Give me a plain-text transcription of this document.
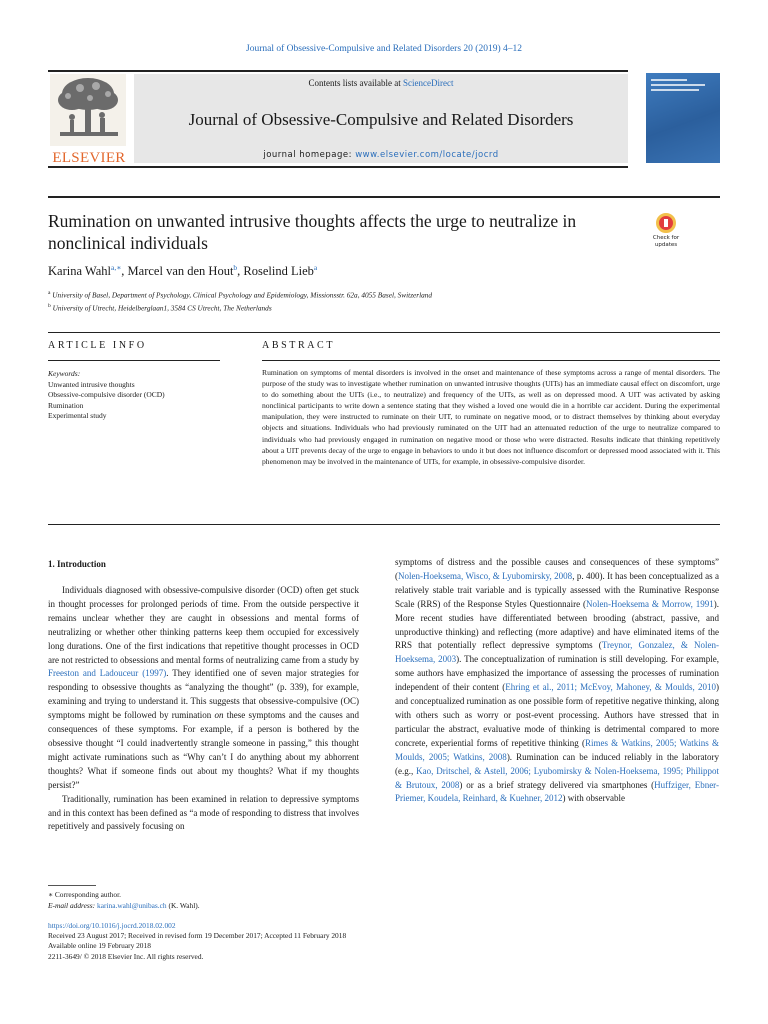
Journal of Obsessive-Compulsive and Related Disorders 20 (2019) 4–12
ELSEVIER
Contents lists available at ScienceDirect
Journal of Obsessive-Compulsive and Related Disorders
journal homepage: www.elsevier.com/locate/jocrd
Rumination on unwanted intrusive thoughts affects the urge to neutralize in nonclinical individuals	Check for updates
Karina Wahl$^{a,∗}$, Marcel van den Hout$^b$, Roselind Lieb$^a$
$^a$ University of Basel, Department of Psychology, Clinical Psychology and Epidemiology, Missionsstr. 62a, 4055 Basel, Switzerland
$^b$ University of Utrecht, Heidelberglaan1, 3584 CS Utrecht, The Netherlands
ARTICLE INFO	ABSTRACT
Keywords:
Unwanted intrusive thoughts
Obsessive-compulsive disorder (OCD)
Rumination
Experimental study
Rumination on symptoms of mental disorders is involved in the onset and maintenance of these symptoms across a range of mental disorders. The purpose of the study was to investigate whether rumination on unwanted intrusive thoughts (UITs) has an immediate causal effect on discomfort, urge to do something about the UITs (i.e., to neutralize) and frequency of the UITs, as well as on depressed mood. A UIT was activated by asking nonclinical participants to write down a sentence stating that they wished a loved one would die in a horrible car accident. During the experimental manipulation, they were instructed to ruminate on their UIT, to ruminate on negative mood, or to distract themselves by thinking about everyday objects and situations. Individuals who had previously ruminated on the UIT had an attenuated reduction of the urge to neutralize compared to individuals who had previously engaged in rumination on negative mood or those who were distracted. Results indicate that thinking repetitively about a UIT prevents decay of the urge to engage in behaviors to undo it but does not influence discomfort or depressed mood associated with it. This phenomenon may be involved in the maintenance of UITs, for example, in obsessive-compulsive disorder.
1. Introduction

Individuals diagnosed with obsessive-compulsive disorder (OCD) often get stuck in thought processes for prolonged periods of time. From the outside perspective it remains unclear whether they are caught in obsessions and mental forms of neutralizing or whether other thinking patterns keep them occupied for excessively long durations. One of the first indications that repetitive thought processes in OCD are not restricted to obsessions and mental forms of neutralizing came from a study by Freeston and Ladouceur (1997). They identified one of seven major strategies for responding to obsessive thoughts as “analyzing the thought” (p. 339), for example, examining and trying to understand it. This suggests that obsessive-compulsive (OC) symptoms might be followed by rumination on these symptoms and the causes and consequences of these symptoms. For example, if a person is bothered by the obsessive thought “I could inadvertently strangle someone in passing,” this thought might activate ruminations such as “Why can’t I do anything about my abhorrent thoughts? What if someone finds out about my thoughts? What if my thoughts persist?”

Traditionally, rumination has been examined in relation to depressive symptoms and in this context has been defined as “a mode of responding to distress that involves repetitively and passively focusing on

symptoms of distress and the possible causes and consequences of these symptoms” (Nolen-Hoeksema, Wisco, & Lyubomirsky, 2008, p. 400). It has been conceptualized as a relatively stable trait variable and is typically assessed with the Ruminative Response Scale (RRS) of the Response Styles Questionnaire (Nolen-Hoeksema & Morrow, 1991). More recent studies have differentiated between brooding (abstract, passive, and unproductive thinking) and reflecting (more adaptive) and have eliminated items of the RRS that potentially reflect depressive symptoms (Treynor, Gonzalez, & Nolen-Hoeksema, 2003). The conceptualization of rumination is still developing. For example, some authors have emphasized the importance of assessing the processes of rumination independent of their content (Ehring et al., 2011; McEvoy, Mahoney, & Moulds, 2010) and conceptualized rumination as one possible form of repetitive negative thinking, along with others such as worry or post-event processing. Authors have stressed that in particular the abstract, evaluative mode of thinking is detrimental compared to more concrete, experiential forms of repetitive thinking (Rimes & Watkins, 2005; Watkins & Moulds, 2005; Watkins, 2008). Rumination can be induced reliably in the laboratory (e.g., Kao, Dritschel, & Astell, 2006; Lyubomirsky & Nolen-Hoeksema, 1995; Philippot & Brutoux, 2008) or as a brief strategy delivered via smartphones (Huffziger, Ebner-Priemer, Koudela, Reinhard, & Kuehner, 2012) with observable

∗ Corresponding author.
E-mail address: karina.wahl@unibas.ch (K. Wahl).
https://doi.org/10.1016/j.jocrd.2018.02.002
Received 23 August 2017; Received in revised form 19 December 2017; Accepted 11 February 2018
Available online 19 February 2018
2211-3649/ © 2018 Elsevier Inc. All rights reserved.
